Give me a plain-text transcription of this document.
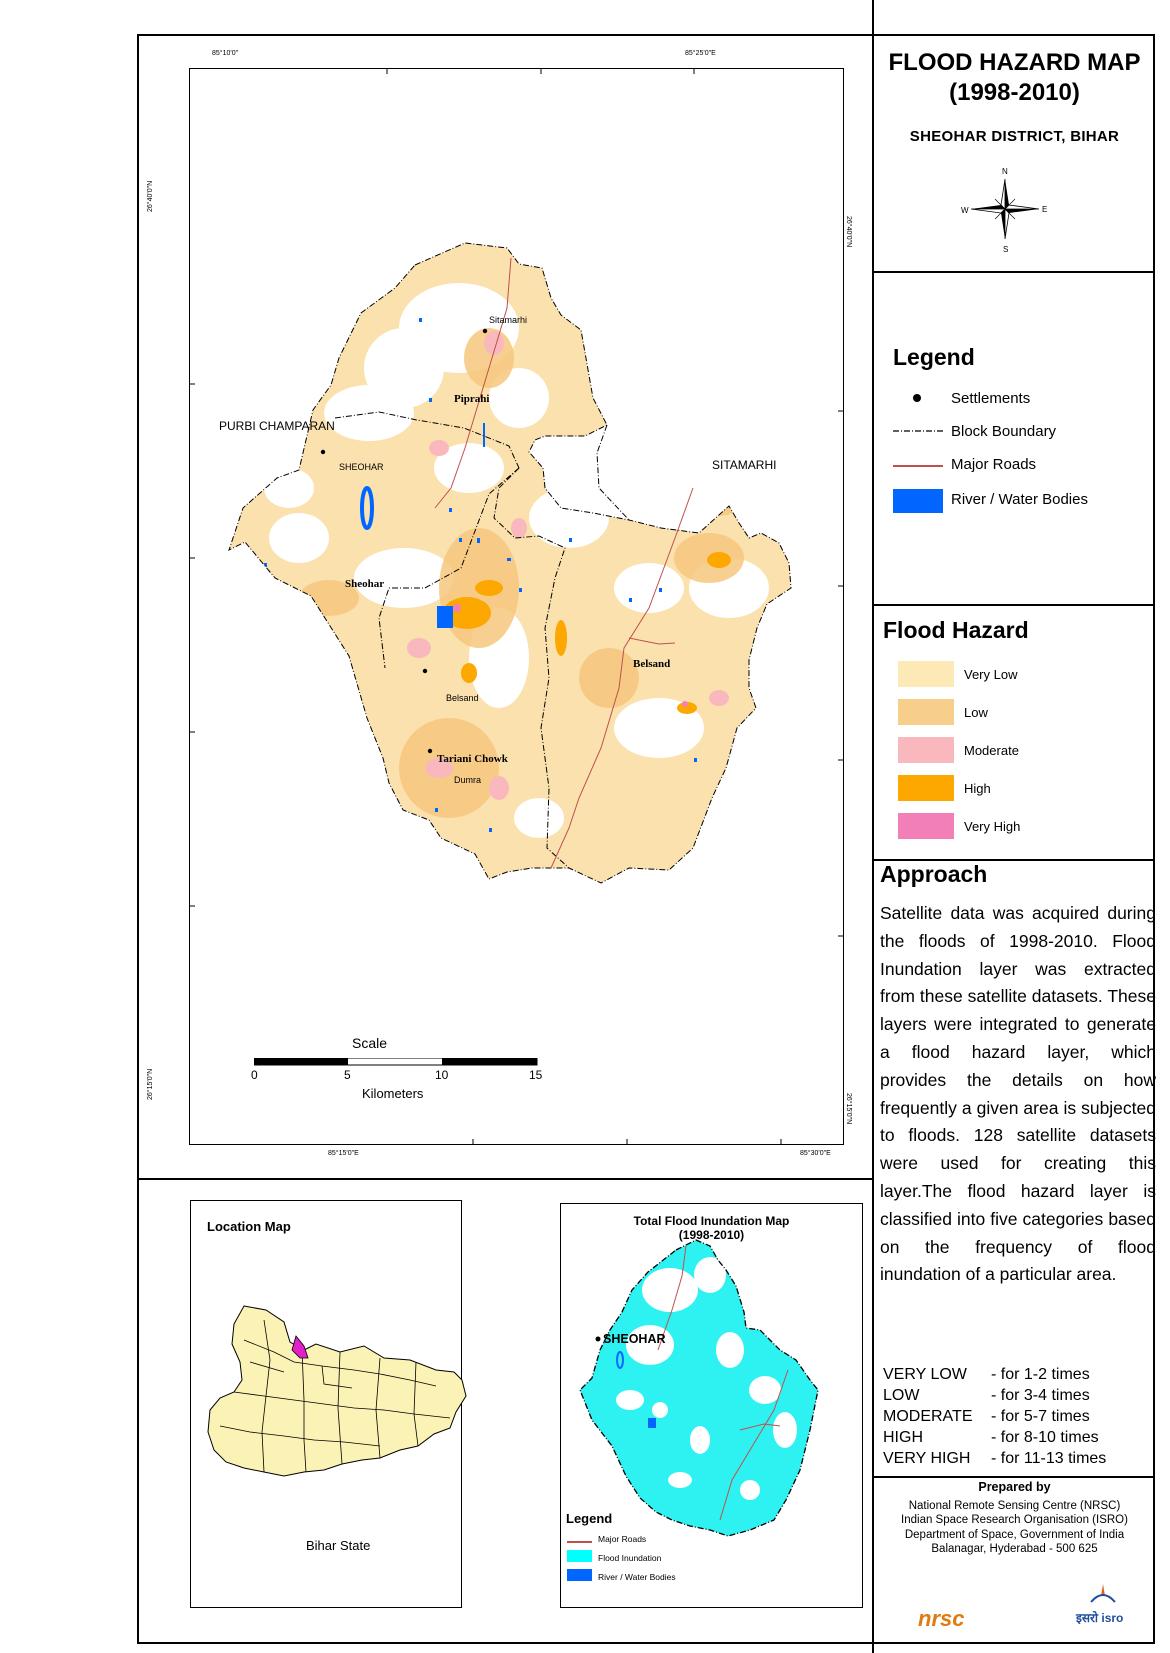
FLOOD HAZARD MAP
(1998-2010)
SHEOHAR DISTRICT, BIHAR
N
S
E
W
Legend
Settlements
Block Boundary
Major Roads
River / Water Bodies
Flood Hazard
Very Low
Low
Moderate
High
Very High
Approach

Satellite data was acquired during the floods of 1998-2010. Flood Inundation layer was extracted from these satellite datasets. These layers were integrated to generate a flood hazard layer, which provides the details on how frequently a given area is subjected to floods. 128 satellite datasets were used for creating this layer.The flood hazard layer is classified into five categories based on the frequency of flood inundation of a particular area.

VERY LOW	- for 1-2 times
LOW	- for 3-4 times
MODERATE	- for 5-7 times
HIGH	- for 8-10 times
VERY HIGH	- for 11-13 times
Prepared by
National Remote Sensing Centre (NRSC)
Indian Space Research Organisation (ISRO)
Department of Space, Government of India
Balanagar, Hyderabad - 500 625
nrsc	इसरो isro
85°10'0"	85°25'0"E
85°15'0"E	85°30'0"E
26°40'0"N
26°15'0"N
26°40'0"N
26°15'0"N
Sitamarhi
Piprahi
PURBI CHAMPARAN
SITAMARHI
SHEOHAR
Sheohar
Belsand
Belsand
Tariani Chowk
Dumra
Scale
0	5	10	15
Kilometers
Location Map
Bihar State
Total Flood Inundation Map
(1998-2010)
SHEOHAR
Legend
Major Roads
Flood Inundation
River / Water Bodies
